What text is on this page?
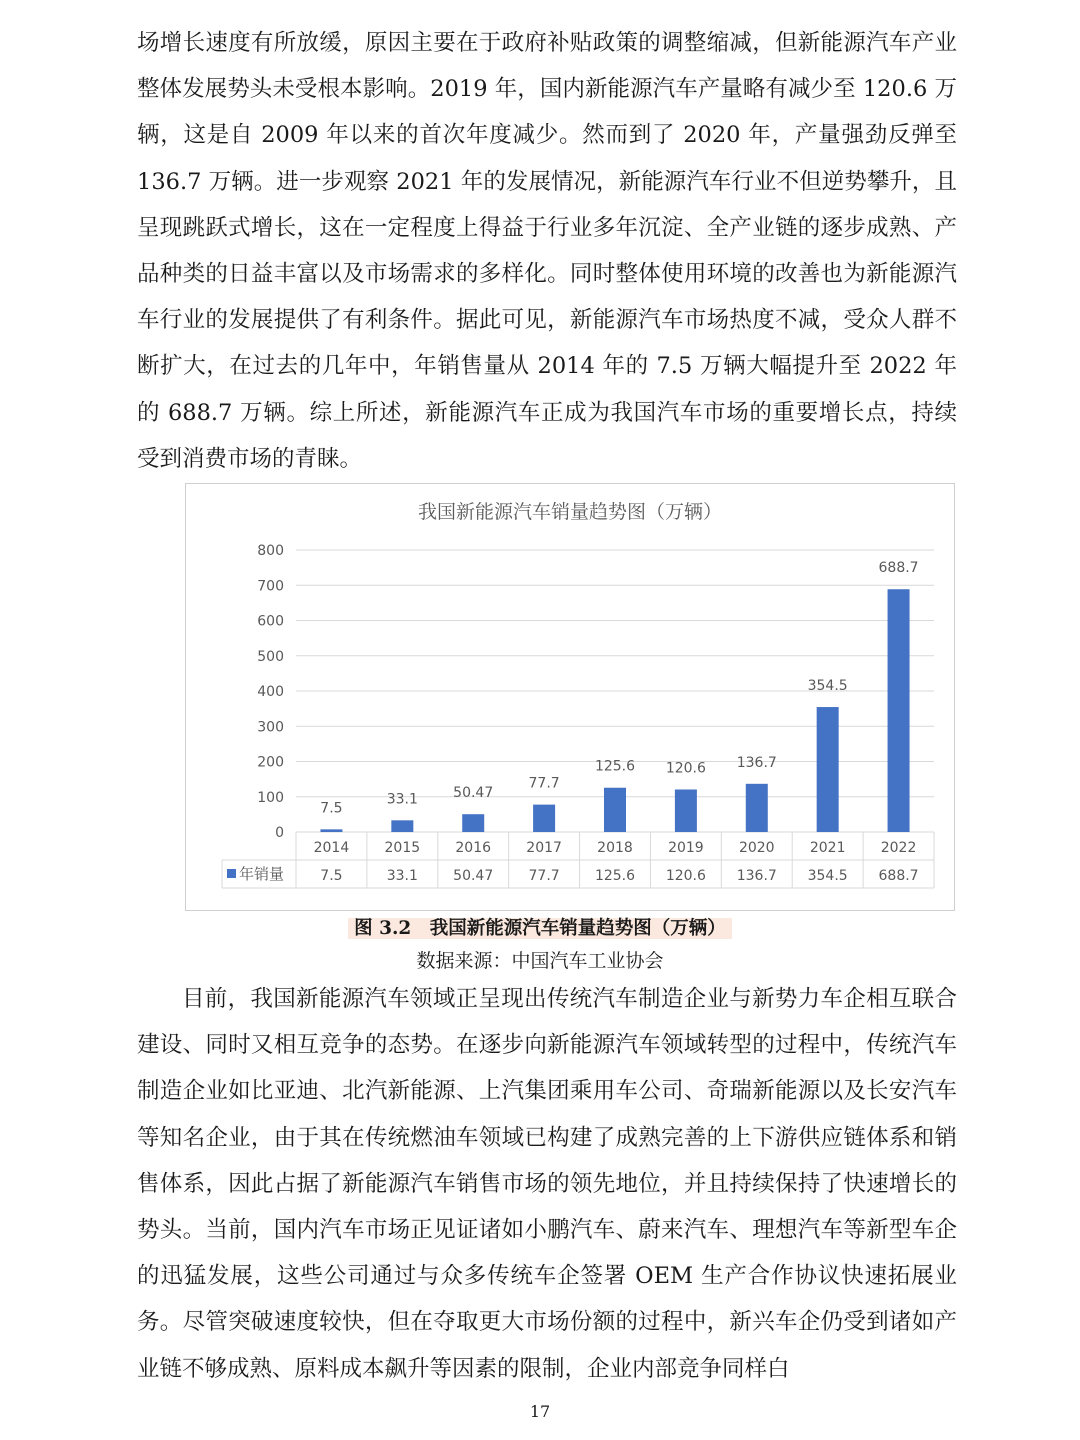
场增长速度有所放缓，原因主要在于政府补贴政策的调整缩减，但新能源汽车产业整体发展势头未受根本影响。2019 年，国内新能源汽车产量略有减少至 120.6 万辆，这是自 2009 年以来的首次年度减少。然而到了 2020 年，产量强劲反弹至 136.7 万辆。进一步观察 2021 年的发展情况，新能源汽车行业不但逆势攀升，且呈现跳跃式增长，这在一定程度上得益于行业多年沉淀、全产业链的逐步成熟、产品种类的日益丰富以及市场需求的多样化。同时整体使用环境的改善也为新能源汽车行业的发展提供了有利条件。据此可见，新能源汽车市场热度不减，受众人群不断扩大，在过去的几年中，年销售量从 2014 年的 7.5 万辆大幅提升至 2022 年的 688.7 万辆。综上所述，新能源汽车正成为我国汽车市场的重要增长点，持续受到消费市场的青睐。

我国新能源汽车销量趋势图（万辆）
0
100
200
300
400
500
600
700
800
年销量
7.5
2014
7.5
33.1
2015
33.1
50.47
2016
50.47
77.7
2017
77.7
125.6
2018
125.6
120.6
2019
120.6
136.7
2020
136.7
354.5
2021
354.5
688.7
2022
688.7
图 3.2　我国新能源汽车销量趋势图（万辆）
数据来源：中国汽车工业协会

目前，我国新能源汽车领域正呈现出传统汽车制造企业与新势力车企相互联合建设、同时又相互竞争的态势。在逐步向新能源汽车领域转型的过程中，传统汽车制造企业如比亚迪、北汽新能源、上汽集团乘用车公司、奇瑞新能源以及长安汽车等知名企业，由于其在传统燃油车领域已构建了成熟完善的上下游供应链体系和销售体系，因此占据了新能源汽车销售市场的领先地位，并且持续保持了快速增长的势头。当前，国内汽车市场正见证诸如小鹏汽车、蔚来汽车、理想汽车等新型车企的迅猛发展，这些公司通过与众多传统车企签署 OEM 生产合作协议快速拓展业务。尽管突破速度较快，但在夺取更大市场份额的过程中，新兴车企仍受到诸如产业链不够成熟、原料成本飙升等因素的限制，企业内部竞争同样白

17
